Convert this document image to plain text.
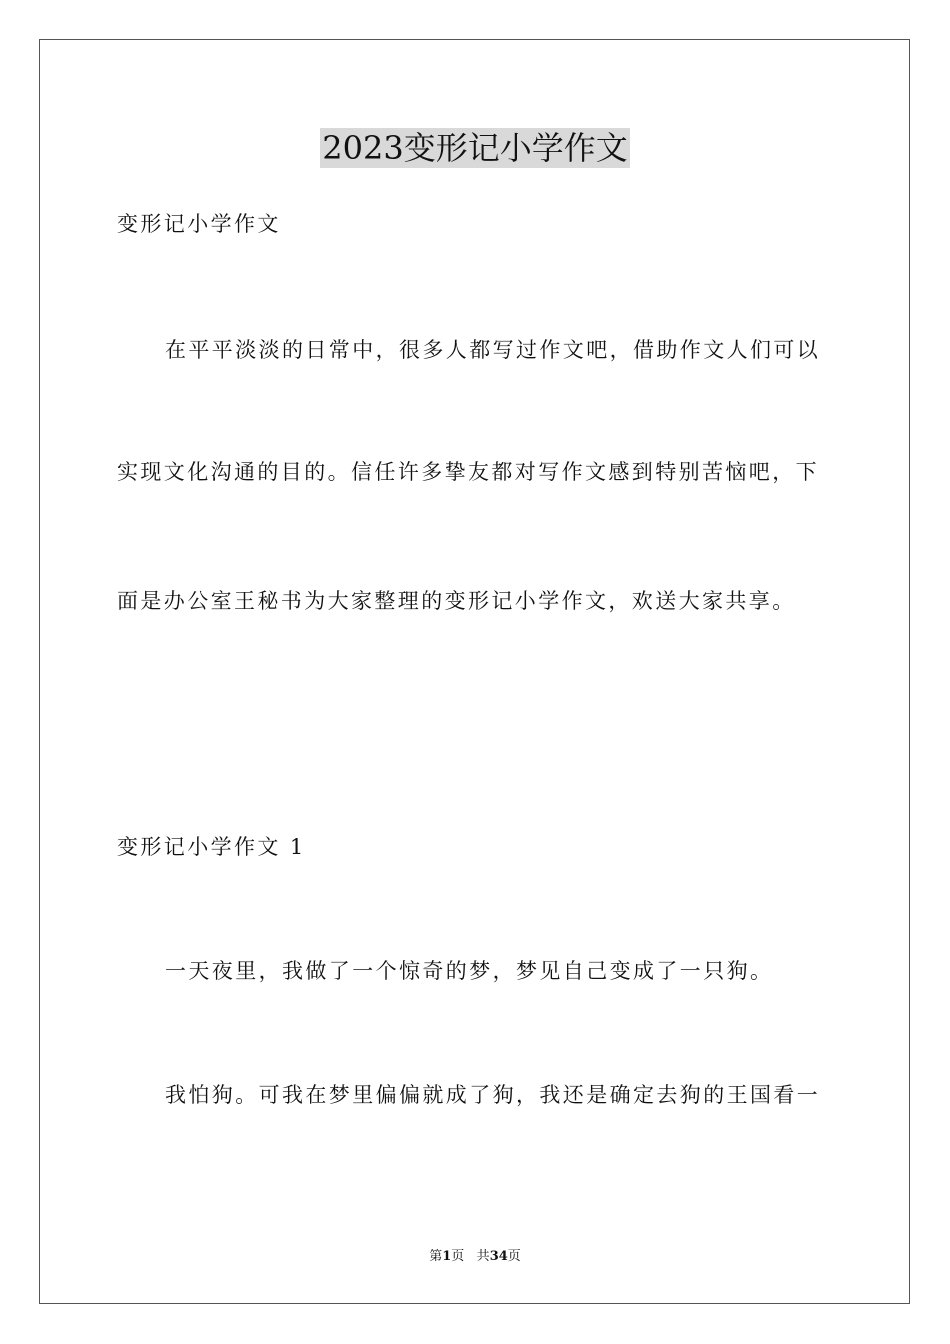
2023变形记小学作文
变形记小学作文
在平平淡淡的日常中，很多人都写过作文吧，借助作文人们可以
实现文化沟通的目的。信任许多挚友都对写作文感到特别苦恼吧，下
面是办公室王秘书为大家整理的变形记小学作文，欢送大家共享。
变形记小学作文 1
一天夜里，我做了一个惊奇的梦，梦见自己变成了一只狗。
我怕狗。可我在梦里偏偏就成了狗，我还是确定去狗的王国看一
第1页 共34页
